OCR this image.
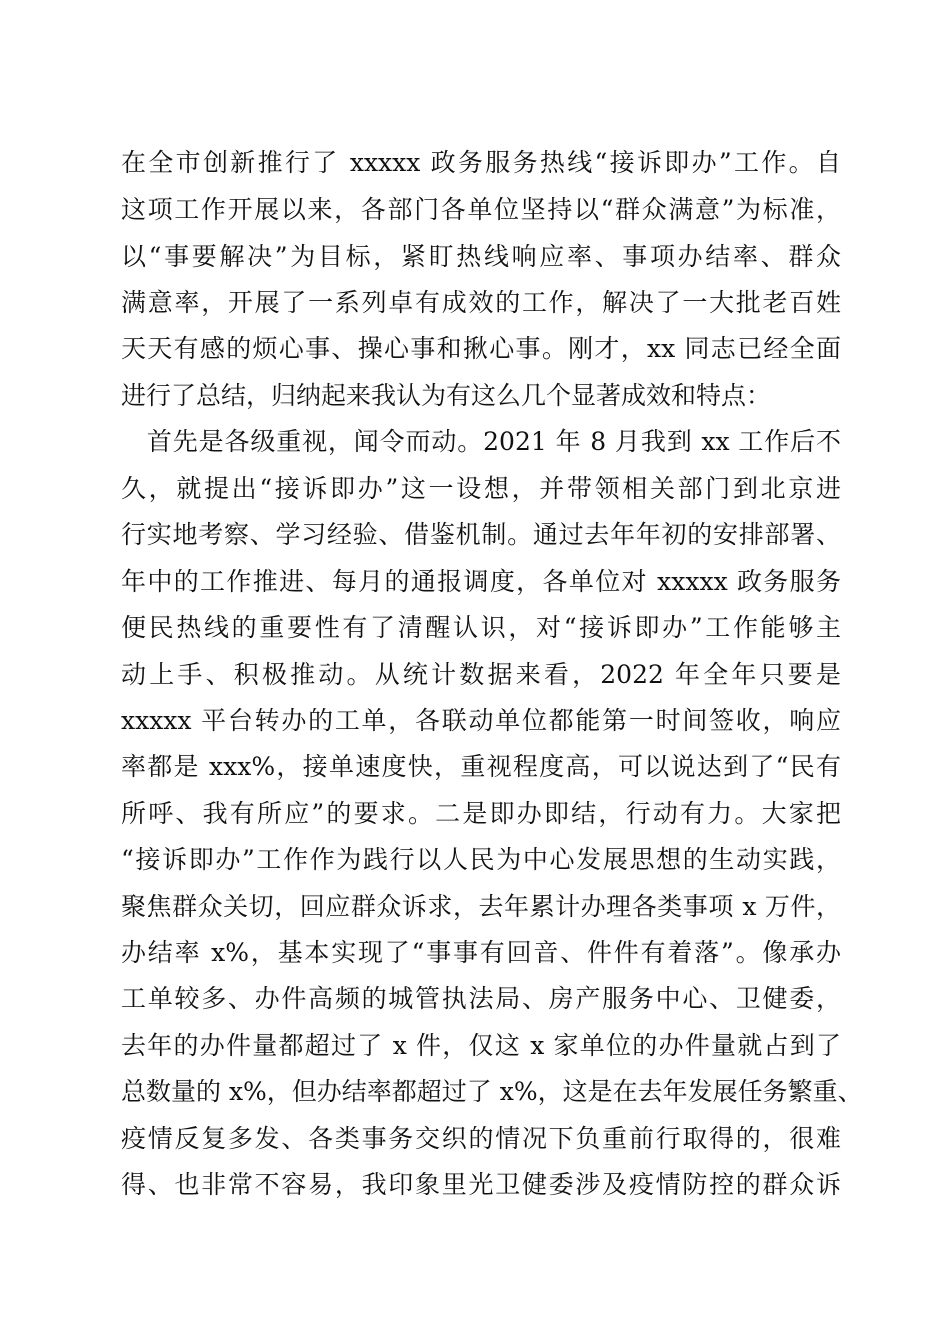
在全市创新推行了 xxxxx 政务服务热线“接诉即办”工作。自
这项工作开展以来，各部门各单位坚持以“群众满意”为标准，
以“事要解决”为目标，紧盯热线响应率、事项办结率、群众
满意率，开展了一系列卓有成效的工作，解决了一大批老百姓
天天有感的烦心事、操心事和揪心事。刚才，xx 同志已经全面
进行了总结，归纳起来我认为有这么几个显著成效和特点：
　首先是各级重视，闻令而动。2021 年 8 月我到 xx 工作后不
久，就提出“接诉即办”这一设想，并带领相关部门到北京进
行实地考察、学习经验、借鉴机制。通过去年年初的安排部署、
年中的工作推进、每月的通报调度，各单位对 xxxxx 政务服务
便民热线的重要性有了清醒认识，对“接诉即办”工作能够主
动上手、积极推动。从统计数据来看，2022 年全年只要是
xxxxx 平台转办的工单，各联动单位都能第一时间签收，响应
率都是 xxx%，接单速度快，重视程度高，可以说达到了“民有
所呼、我有所应”的要求。二是即办即结，行动有力。大家把
“接诉即办”工作作为践行以人民为中心发展思想的生动实践，
聚焦群众关切，回应群众诉求，去年累计办理各类事项 x 万件，
办结率 x%，基本实现了“事事有回音、件件有着落”。像承办
工单较多、办件高频的城管执法局、房产服务中心、卫健委，
去年的办件量都超过了 x 件，仅这 x 家单位的办件量就占到了
总数量的 x%，但办结率都超过了 x%，这是在去年发展任务繁重、
疫情反复多发、各类事务交织的情况下负重前行取得的，很难
得、也非常不容易，我印象里光卫健委涉及疫情防控的群众诉
